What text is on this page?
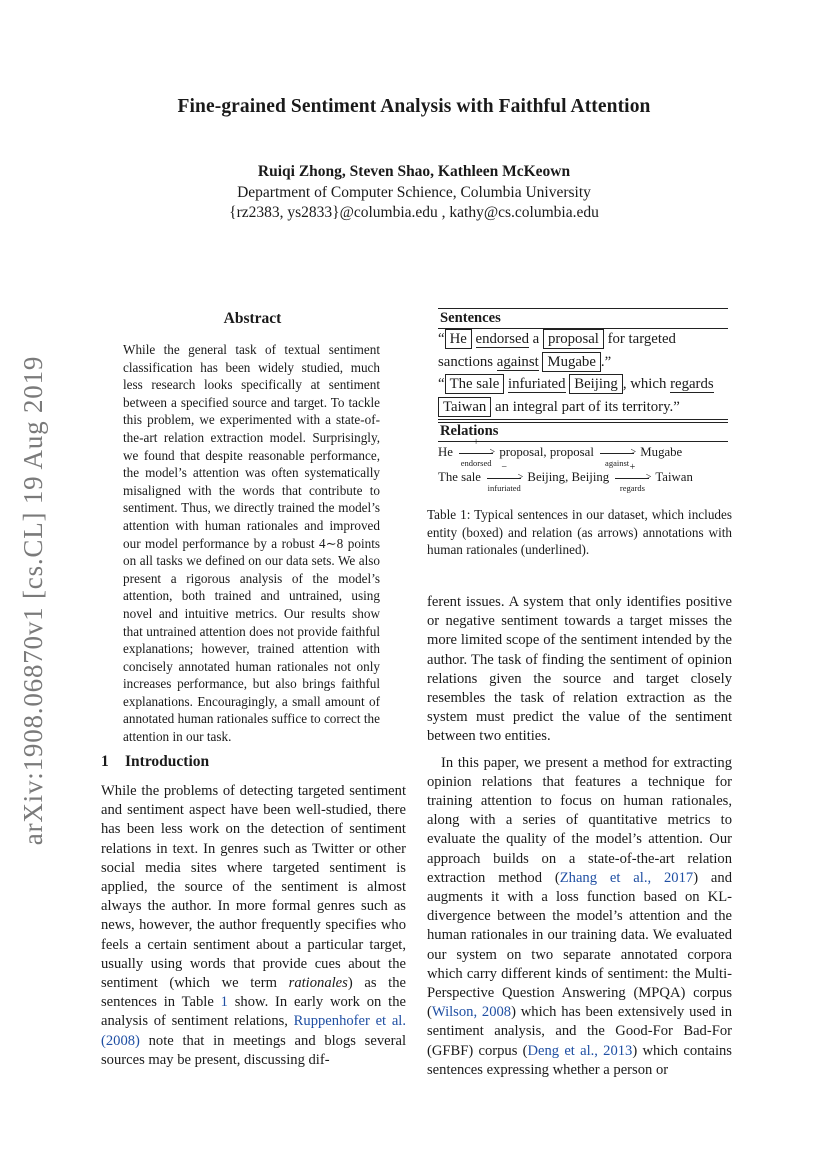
Fine-grained Sentiment Analysis with Faithful Attention
Ruiqi Zhong, Steven Shao, Kathleen McKeown
Department of Computer Schience, Columbia University
{rz2383, ys2833}@columbia.edu , kathy@cs.columbia.edu
arXiv:1908.06870v1 [cs.CL] 19 Aug 2019
Abstract
While the general task of textual sentiment classification has been widely studied, much less research looks specifically at sentiment between a specified source and target. To tackle this problem, we experimented with a state-of-the-art relation extraction model. Surprisingly, we found that despite reasonable performance, the model’s attention was often systematically misaligned with the words that contribute to sentiment. Thus, we directly trained the model’s attention with human rationales and improved our model performance by a robust 4∼8 points on all tasks we defined on our data sets. We also present a rigorous analysis of the model’s attention, both trained and untrained, using novel and intuitive metrics. Our results show that untrained attention does not provide faithful explanations; however, trained attention with concisely annotated human rationales not only increases performance, but also brings faithful explanations. Encouragingly, a small amount of annotated human rationales suffice to correct the attention in our task.
1 Introduction

While the problems of detecting targeted sentiment and sentiment aspect have been well-studied, there has been less work on the detection of sentiment relations in text. In genres such as Twitter or other social media sites where targeted sentiment is applied, the source of the sentiment is almost always the author. In more formal genres such as news, however, the author frequently specifies who feels a certain sentiment about a particular target, usually using words that provide cues about the sentiment (which we term rationales) as the sentences in Table 1 show. In early work on the analysis of sentiment relations, Ruppenhofer et al. (2008) note that in meetings and blogs several sources may be present, discussing dif-

ferent issues. A system that only identifies positive or negative sentiment towards a target misses the more limited scope of the sentiment intended by the author. The task of finding the sentiment of opinion relations given the source and target closely resembles the task of relation extraction as the system must predict the value of the sentiment between two entities.

In this paper, we present a method for extracting opinion relations that features a technique for training attention to focus on human rationales, along with a series of quantitative metrics to evaluate the quality of the model’s attention. Our approach builds on a state-of-the-art relation extraction method (Zhang et al., 2017) and augments it with a loss function based on KL-divergence between the model’s attention and the human rationales in our training data. We evaluated our system on two separate annotated corpora which carry different kinds of sentiment: the Multi-Perspective Question Answering (MPQA) corpus (Wilson, 2008) which has been extensively used in sentiment analysis, and the Good-For Bad-For (GFBF) corpus (Deng et al., 2013) which contains sentences expressing whether a person or

Sentences
“ He endorsed a proposal for targeted
sanctions against Mugabe .”
“ The sale infuriated Beijing , which regards
Taiwan an integral part of its territory.”
Relations
He
+
>
endorsed
proposal, proposal
−
>
against
Mugabe
The sale
−
>
infuriated
Beijing, Beijing
+
>
regards
Taiwan
Table 1: Typical sentences in our dataset, which includes entity (boxed) and relation (as arrows) annotations with human rationales (underlined).
